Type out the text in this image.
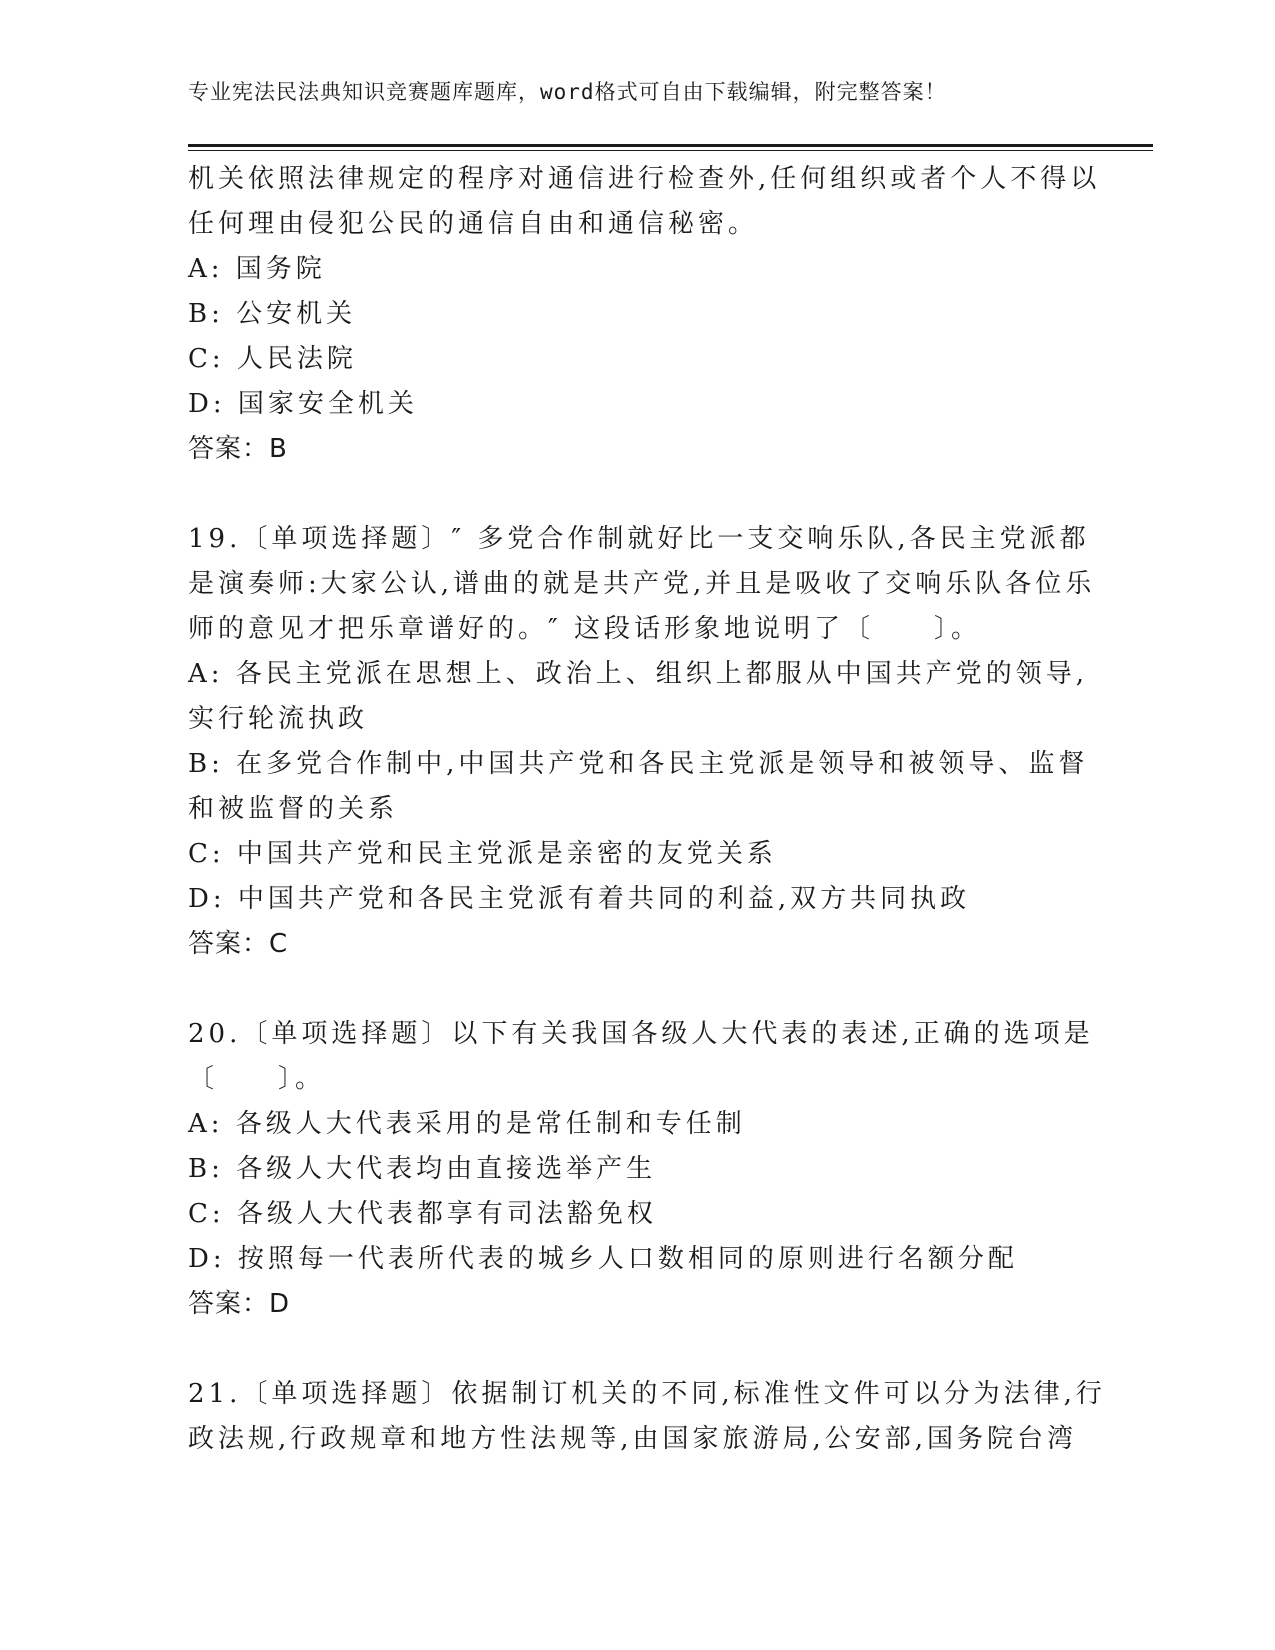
专业宪法民法典知识竞赛题库题库，word格式可自由下载编辑，附完整答案！
机关依照法律规定的程序对通信进行检查外,任何组织或者个人不得以
任何理由侵犯公民的通信自由和通信秘密。
A: 国务院
B: 公安机关
C: 人民法院
D: 国家安全机关
答案：B
19.〔单项选择题〕″ 多党合作制就好比一支交响乐队,各民主党派都
是演奏师:大家公认,谱曲的就是共产党,并且是吸收了交响乐队各位乐
师的意见才把乐章谱好的。″ 这段话形象地说明了〔　　〕。
A: 各民主党派在思想上、政治上、组织上都服从中国共产党的领导,
实行轮流执政
B: 在多党合作制中,中国共产党和各民主党派是领导和被领导、监督
和被监督的关系
C: 中国共产党和民主党派是亲密的友党关系
D: 中国共产党和各民主党派有着共同的利益,双方共同执政
答案：C
20.〔单项选择题〕以下有关我国各级人大代表的表述,正确的选项是
〔　　〕。
A: 各级人大代表采用的是常任制和专任制
B: 各级人大代表均由直接选举产生
C: 各级人大代表都享有司法豁免权
D: 按照每一代表所代表的城乡人口数相同的原则进行名额分配
答案：D
21.〔单项选择题〕依据制订机关的不同,标准性文件可以分为法律,行
政法规,行政规章和地方性法规等,由国家旅游局,公安部,国务院台湾
